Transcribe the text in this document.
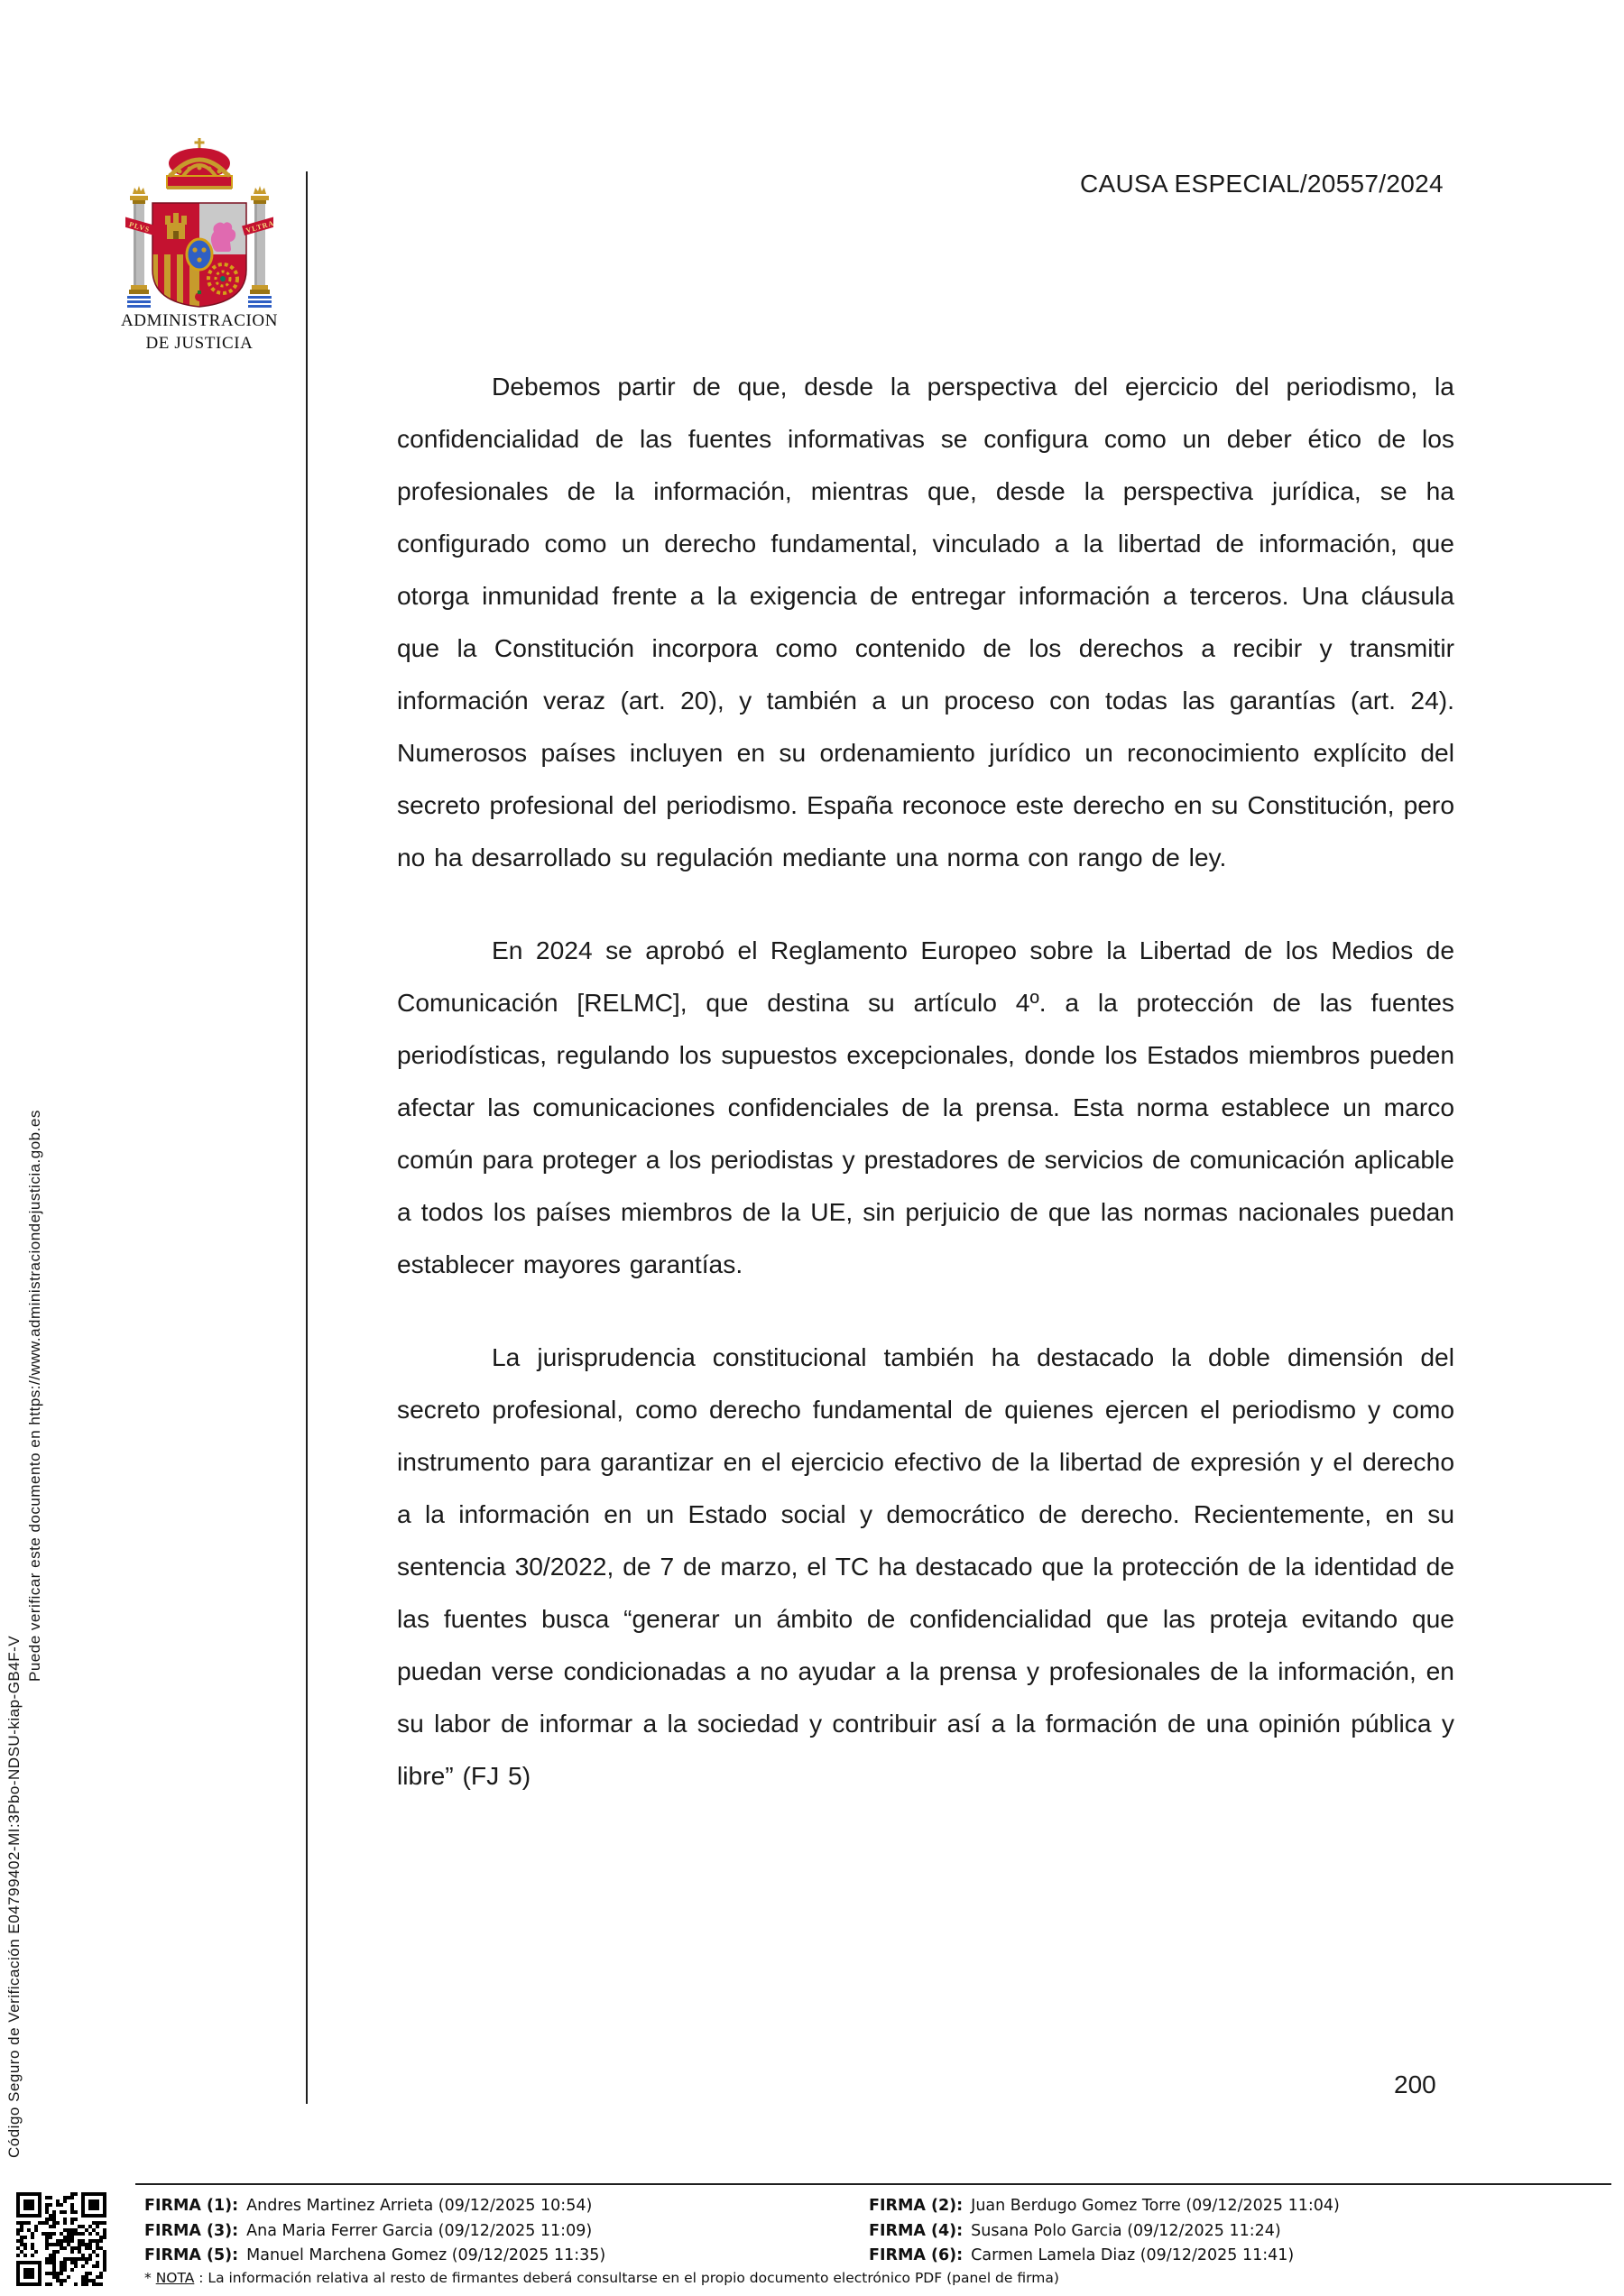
PLVS	VLTRA
ADMINISTRACION
DE JUSTICIA
CAUSA ESPECIAL/20557/2024

Debemos partir de que, desde la perspectiva del ejercicio del periodismo, la confidencialidad de las fuentes informativas se configura como un deber ético de los profesionales de la información, mientras que, desde la perspectiva jurídica, se ha configurado como un derecho fundamental, vinculado a la libertad de información, que otorga inmunidad frente a la exigencia de entregar información a terceros. Una cláusula que la Constitución incorpora como contenido de los derechos a recibir y transmitir información veraz (art. 20), y también a un proceso con todas las garantías (art. 24). Numerosos países incluyen en su ordenamiento jurídico un reconocimiento explícito del secreto profesional del periodismo. España reconoce este derecho en su Constitución, pero no ha desarrollado su regulación mediante una norma con rango de ley.

En 2024 se aprobó el Reglamento Europeo sobre la Libertad de los Medios de Comunicación [RELMC], que destina su artículo 4º. a la protección de las fuentes periodísticas, regulando los supuestos excepcionales, donde los Estados miembros pueden afectar las comunicaciones confidenciales de la prensa. Esta norma establece un marco común para proteger a los periodistas y prestadores de servicios de comunicación aplicable a todos los países miembros de la UE, sin perjuicio de que las normas nacionales puedan establecer mayores garantías.

La jurisprudencia constitucional también ha destacado la doble dimensión del secreto profesional, como derecho fundamental de quienes ejercen el periodismo y como instrumento para garantizar en el ejercicio efectivo de la libertad de expresión y el derecho a la información en un Estado social y democrático de derecho. Recientemente, en su sentencia 30/2022, de 7 de marzo, el TC ha destacado que la protección de la identidad de las fuentes busca “generar un ámbito de confidencialidad que las proteja evitando que puedan verse condicionadas a no ayudar a la prensa y profesionales de la información, en su labor de informar a la sociedad y contribuir así a la formación de una opinión pública y libre” (FJ 5)

200
Código Seguro de Verificación E04799402-MI:3Pbo-NDSU-kiap-GB4F-V
Puede verificar este documento en https://www.administraciondejusticia.gob.es
FIRMA (1): Andres Martinez Arrieta (09/12/2025 10:54)
FIRMA (3): Ana Maria Ferrer Garcia (09/12/2025 11:09)
FIRMA (5): Manuel Marchena Gomez (09/12/2025 11:35)
FIRMA (2): Juan Berdugo Gomez Torre (09/12/2025 11:04)
FIRMA (4): Susana Polo Garcia (09/12/2025 11:24)
FIRMA (6): Carmen Lamela Diaz (09/12/2025 11:41)
* NOTA : La información relativa al resto de firmantes deberá consultarse en el propio documento electrónico PDF (panel de firma)
